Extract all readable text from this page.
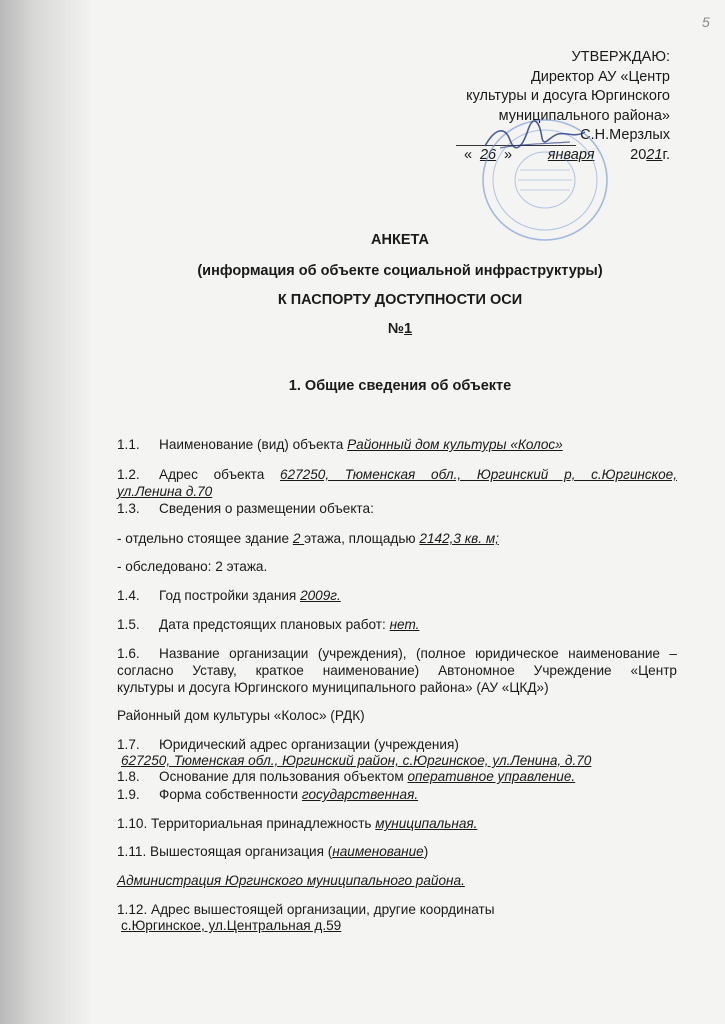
5
УТВЕРЖДАЮ:
Директор АУ «Центр
культуры и досуга Юргинского
муниципального района»
С.Н.Мерзлых
« 26 » января 2021г.
АНКЕТА
(информация об объекте социальной инфраструктуры)
К ПАСПОРТУ ДОСТУПНОСТИ ОСИ
№1
1. Общие сведения об объекте
1.1. Наименование (вид) объекта Районный дом культуры «Колос»
1.2. Адрес объекта 627250, Тюменская обл., Юргинский р, с.Юргинское,
ул.Ленина д.70
1.3. Сведения о размещении объекта:
- отдельно стоящее здание 2 этажа, площадью 2142,3 кв. м;
- обследовано: 2 этажа.
1.4. Год постройки здания 2009г.
1.5. Дата предстоящих плановых работ: нет.
1.6. Название организации (учреждения), (полное юридическое наименование –
согласно Уставу, краткое наименование) Автономное Учреждение «Центр
культуры и досуга Юргинского муниципального района» (АУ «ЦКД»)
Районный дом культуры «Колос» (РДК)
1.7. Юридический адрес организации (учреждения)
627250, Тюменская обл., Юргинский район, с.Юргинское, ул.Ленина, д.70
1.8. Основание для пользования объектом оперативное управление.
1.9. Форма собственности государственная.
1.10. Территориальная принадлежность муниципальная.
1.11. Вышестоящая организация (наименование)
Администрация Юргинского муниципального района.
1.12. Адрес вышестоящей организации, другие координаты
с.Юргинское, ул.Центральная д.59
